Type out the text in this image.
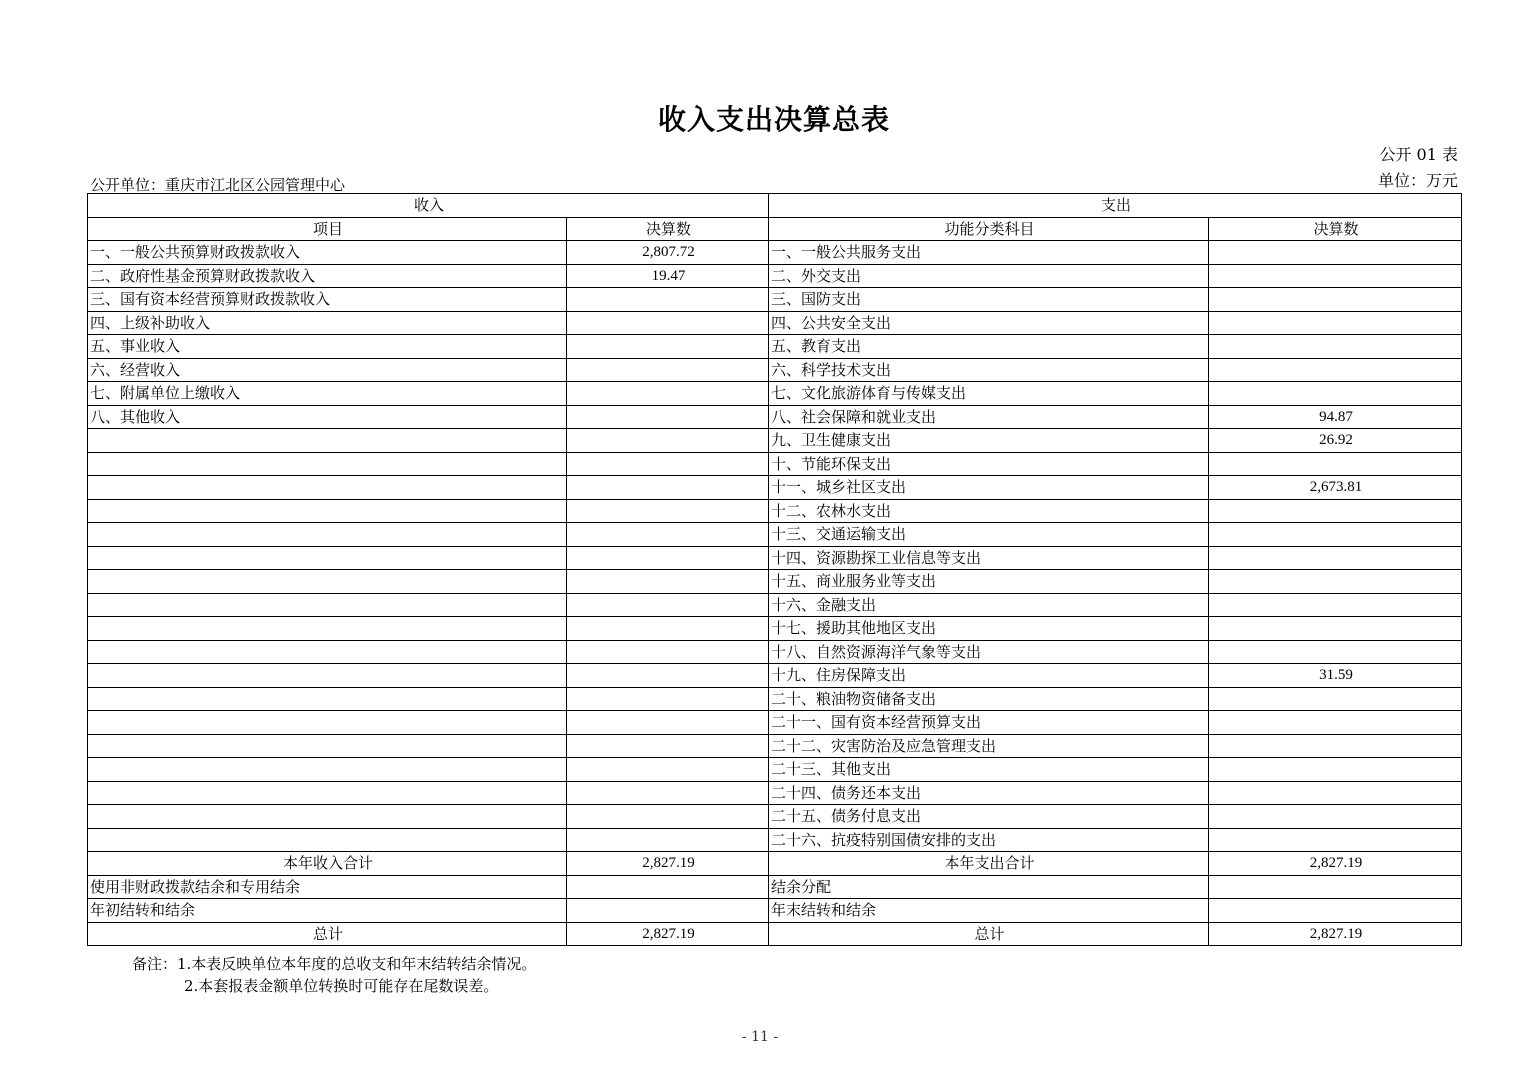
收入支出决算总表
公开 01 表
单位：万元
公开单位：重庆市江北区公园管理中心
收入		支出	
项目	决算数	功能分类科目	决算数
一、一般公共预算财政拨款收入	2,807.72	一、一般公共服务支出	
二、政府性基金预算财政拨款收入	19.47	二、外交支出	
三、国有资本经营预算财政拨款收入		三、国防支出	
四、上级补助收入		四、公共安全支出	
五、事业收入		五、教育支出	
六、经营收入		六、科学技术支出	
七、附属单位上缴收入		七、文化旅游体育与传媒支出	
八、其他收入		八、社会保障和就业支出	94.87
		九、卫生健康支出	26.92
		十、节能环保支出	
		十一、城乡社区支出	2,673.81
		十二、农林水支出	
		十三、交通运输支出	
		十四、资源勘探工业信息等支出	
		十五、商业服务业等支出	
		十六、金融支出	
		十七、援助其他地区支出	
		十八、自然资源海洋气象等支出	
		十九、住房保障支出	31.59
		二十、粮油物资储备支出	
		二十一、国有资本经营预算支出	
		二十二、灾害防治及应急管理支出	
		二十三、其他支出	
		二十四、债务还本支出	
		二十五、债务付息支出	
		二十六、抗疫特别国债安排的支出	
本年收入合计	2,827.19	本年支出合计	2,827.19
使用非财政拨款结余和专用结余		结余分配	
年初结转和结余		年末结转和结余	
总计	2,827.19	总计	2,827.19
备注：1.本表反映单位本年度的总收支和年末结转结余情况。
2.本套报表金额单位转换时可能存在尾数误差。
- 11 -
